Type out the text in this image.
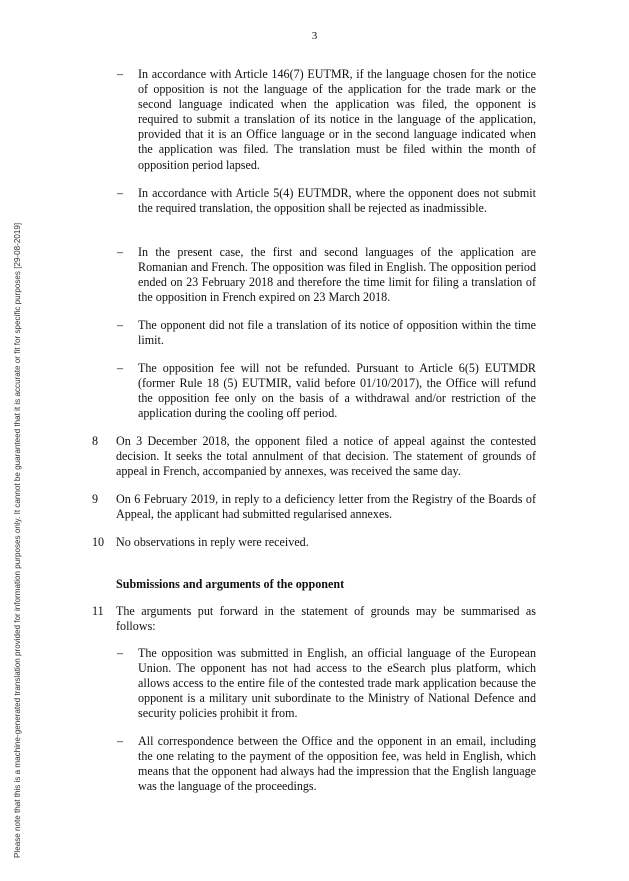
3
Please note that this is a machine-generated translation provided for information purposes only. It cannot be guaranteed that it is accurate or fit for specific purposes [29-08-2019]
– In accordance with Article 146(7) EUTMR, if the language chosen for the notice of opposition is not the language of the application for the trade mark or the second language indicated when the application was filed, the opponent is required to submit a translation of its notice in the language of the application, provided that it is an Office language or in the second language indicated when the application was filed. The translation must be filed within the month of opposition period lapsed.

– In accordance with Article 5(4) EUTMDR, where the opponent does not submit the required translation, the opposition shall be rejected as inadmissible.

– In the present case, the first and second languages of the application are Romanian and French. The opposition was filed in English. The opposition period ended on 23 February 2018 and therefore the time limit for filing a translation of the opposition in French expired on 23 March 2018.

– The opponent did not file a translation of its notice of opposition within the time limit.

– The opposition fee will not be refunded. Pursuant to Article 6(5) EUTMDR (former Rule 18 (5) EUTMIR, valid before 01/10/2017), the Office will refund the opposition fee only on the basis of a withdrawal and/or restriction of the application during the cooling off period.

8 On 3 December 2018, the opponent filed a notice of appeal against the contested decision. It seeks the total annulment of that decision. The statement of grounds of appeal in French, accompanied by annexes, was received the same day.

9 On 6 February 2019, in reply to a deficiency letter from the Registry of the Boards of Appeal, the applicant had submitted regularised annexes.

10 No observations in reply were received.

Submissions and arguments of the opponent
11 The arguments put forward in the statement of grounds may be summarised as follows:

– The opposition was submitted in English, an official language of the European Union. The opponent has not had access to the eSearch plus platform, which allows access to the entire file of the contested trade mark application because the opponent is a military unit subordinate to the Ministry of National Defence and security policies prohibit it from.

– All correspondence between the Office and the opponent in an email, including the one relating to the payment of the opposition fee, was held in English, which means that the opponent had always had the impression that the English language was the language of the proceedings.
